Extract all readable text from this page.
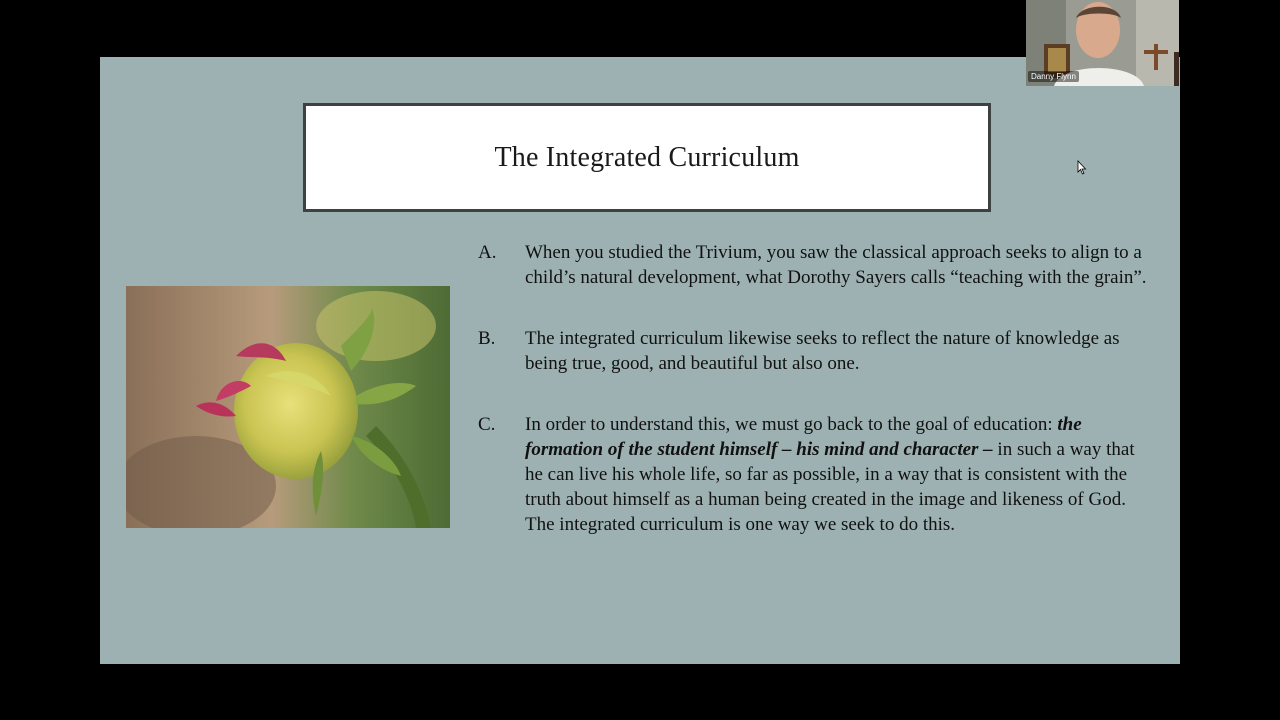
The Integrated Curriculum
A.	When you studied the Trivium, you saw the classical approach seeks to align to a child’s natural development, what Dorothy Sayers calls “teaching with the grain”.
B.	The integrated curriculum likewise seeks to reflect the nature of knowledge as being true, good, and beautiful but also one.
C.	In order to understand this, we must go back to the goal of education: the formation of the student himself – his mind and character – in such a way that he can live his whole life, so far as possible, in a way that is consistent with the truth about himself as a human being created in the image and likeness of God. The integrated curriculum is one way we seek to do this.
Danny Flynn
